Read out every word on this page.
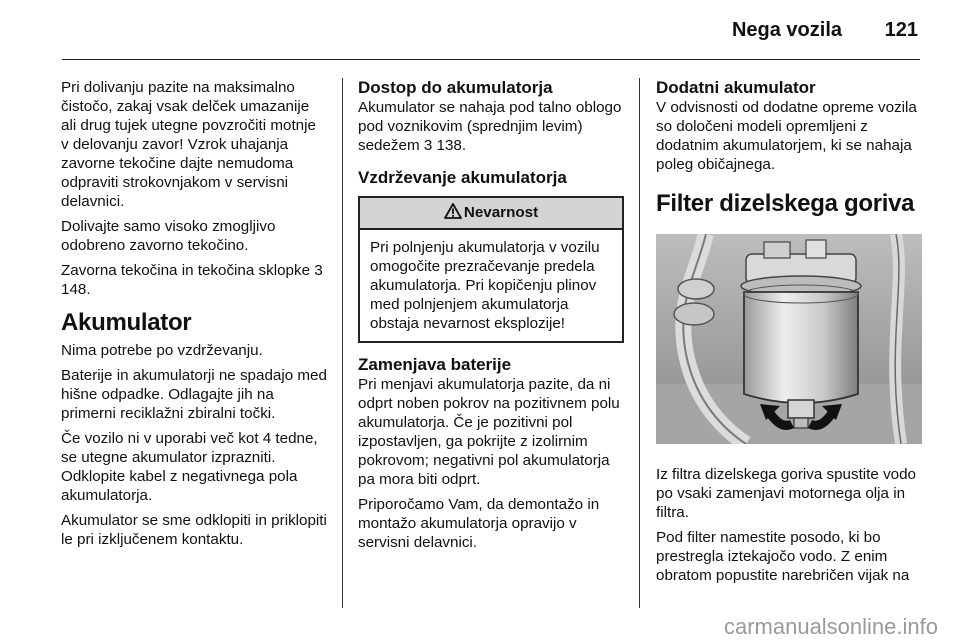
Nega vozila 121

Pri dolivanju pazite na maksimalno čistočo, zakaj vsak delček umazanije ali drug tujek utegne povzročiti motnje v delovanju zavor! Vzrok uhajanja zavorne tekočine dajte nemudoma odpraviti strokovnjakom v servisni delavnici.

Dolivajte samo visoko zmogljivo odobreno zavorno tekočino.

Zavorna tekočina in tekočina sklopke 3 148.

Akumulator

Nima potrebe po vzdrževanju.

Baterije in akumulatorji ne spadajo med hišne odpadke. Odlagajte jih na primerni reciklažni zbiralni točki.

Če vozilo ni v uporabi več kot 4 tedne, se utegne akumulator izprazniti. Odklopite kabel z negativnega pola akumulatorja.

Akumulator se sme odklopiti in priklopiti le pri izključenem kontaktu.

Dostop do akumulatorja

Akumulator se nahaja pod talno oblogo pod voznikovim (sprednjim levim) sedežem 3 138.

Vzdrževanje akumulatorja
Nevarnost
Pri polnjenju akumulatorja v vozilu omogočite prezračevanje predela akumulatorja. Pri kopičenju plinov med polnjenjem akumulatorja obstaja nevarnost eksplozije!
Zamenjava baterije

Pri menjavi akumulatorja pazite, da ni odprt noben pokrov na pozitivnem polu akumulatorja. Če je pozitivni pol izpostavljen, ga pokrijte z izolirnim pokrovom; negativni pol akumulatorja pa mora biti odprt.

Priporočamo Vam, da demontažo in montažo akumulatorja opravijo v servisni delavnici.

Dodatni akumulator

V odvisnosti od dodatne opreme vozila so določeni modeli opremljeni z dodatnim akumulatorjem, ki se nahaja poleg običajnega.

Filter dizelskega goriva

Iz filtra dizelskega goriva spustite vodo po vsaki zamenjavi motornega olja in filtra.

Pod filter namestite posodo, ki bo prestregla iztekajočo vodo. Z enim obratom popustite narebričen vijak na

carmanualsonline.info
